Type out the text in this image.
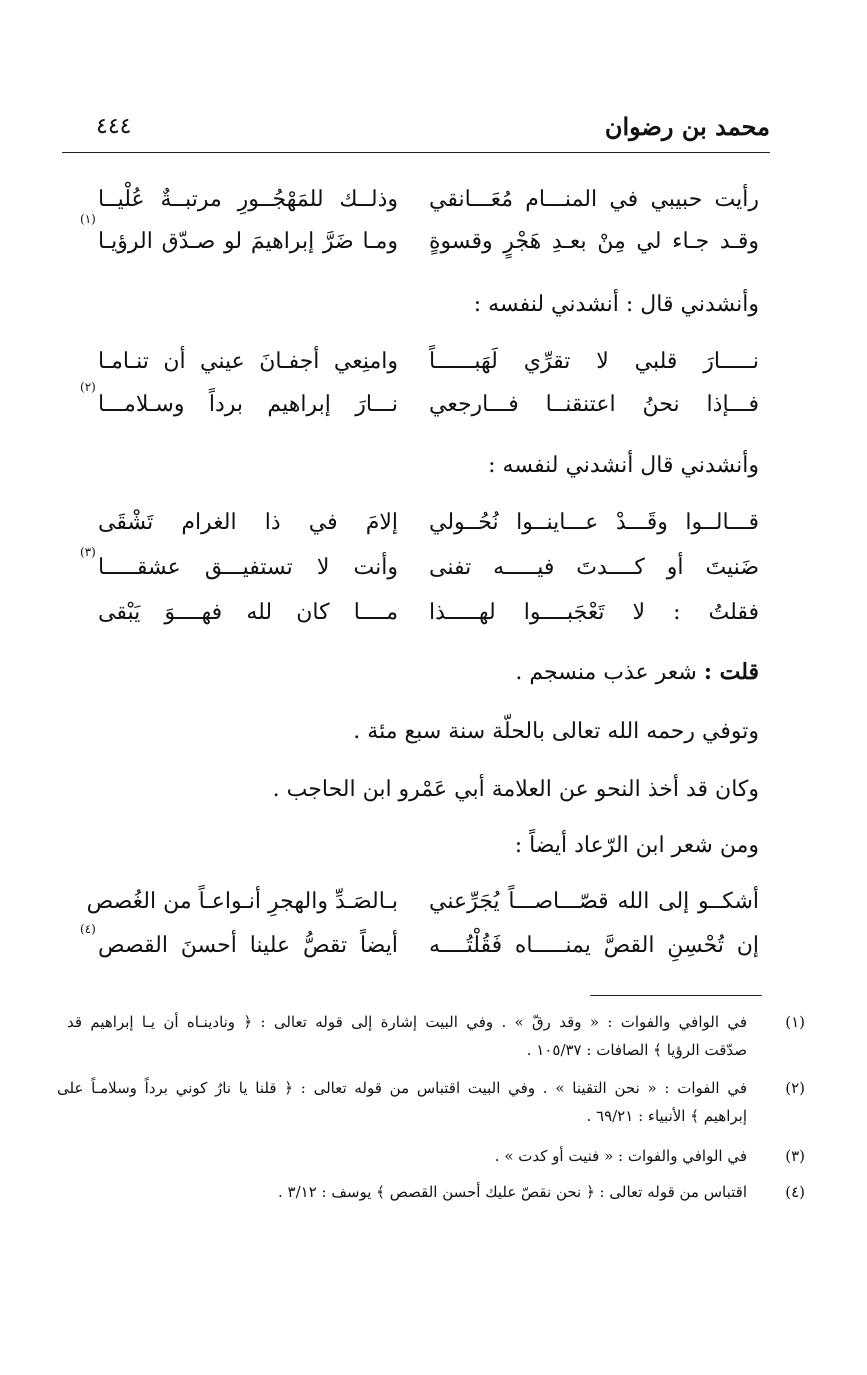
محمد بن رضوان
٤٤٤
رأيت حبيبي في المنـــام مُعَـــانقي
وذلــك للمَهْجُــورِ مرتبــةٌ عُلْيــا
وقـد جـاء لي مِنْ بعـدِ هَجْرٍ وقسوةٍ
ومـا ضَرَّ إبراهيمَ لو صـدّق الرؤيـا
(١)
وأنشدني قال : أنشدني لنفسه :
نـــــارَ قلبي لا تقرِّي لَهَبــــــاً
وامنِعي أجفـانَ عيني أن تنـامـا
فـــإذا نحنُ اعتنقنــا فـــارجعي
نـــارَ إبراهيم برداً وسـلامـــا
(٢)
وأنشدني قال أنشدني لنفسه :
قـــالــوا وقَـــدْ عـــاينــوا نُحُــولي
إلامَ في ذا الغرام تَشْقَى
ضَنيتَ أو كــــدتَ فيـــــه تفنى
وأنت لا تستفيـــق عشقـــــا
(٣)
فقلتُ : لا تَعْجَبــــوا لهـــــذا
مــــا كان لله فهــــوَ يَبْقى
قلت : شعر عذب منسجم .
وتوفي رحمه الله تعالى بالحلّة سنة سبع مئة .
وكان قد أخذ النحو عن العلامة أبي عَمْرو ابن الحاجب .
ومن شعر ابن الرّعاد أيضاً :
أشكــو إلى الله قصّـــاصـــاً يُجَرِّعني
بـالصَـدِّ والهجرِ أنـواعـاً من الغُصص
إن تُحْسِنِ القصَّ يمنـــــاه فَقُلْتُــــه
أيضاً تقصُّ علينا أحسنَ القصص
(٤)
(١)
في الوافي والفوات : « وقد رقّ » . وفي البيت إشارة إلى قوله تعالى : ﴿ ونادينـاه أن يـا إبراهيم قد
صدّقت الرؤيا ﴾ الصافات : ١٠٥/٣٧ .
(٢)
في الفوات : « نحن التقينا » . وفي البيت اقتباس من قوله تعالى : ﴿ قلنا يا نارُ كوني برداً وسلامـاً على
إبراهيم ﴾ الأنبياء : ٦٩/٢١ .
(٣)
في الوافي والفوات : « فنيت أو كدت » .
(٤)
اقتباس من قوله تعالى : ﴿ نحن نقصّ عليك أحسن القصص ﴾ يوسف : ٣/١٢ .
